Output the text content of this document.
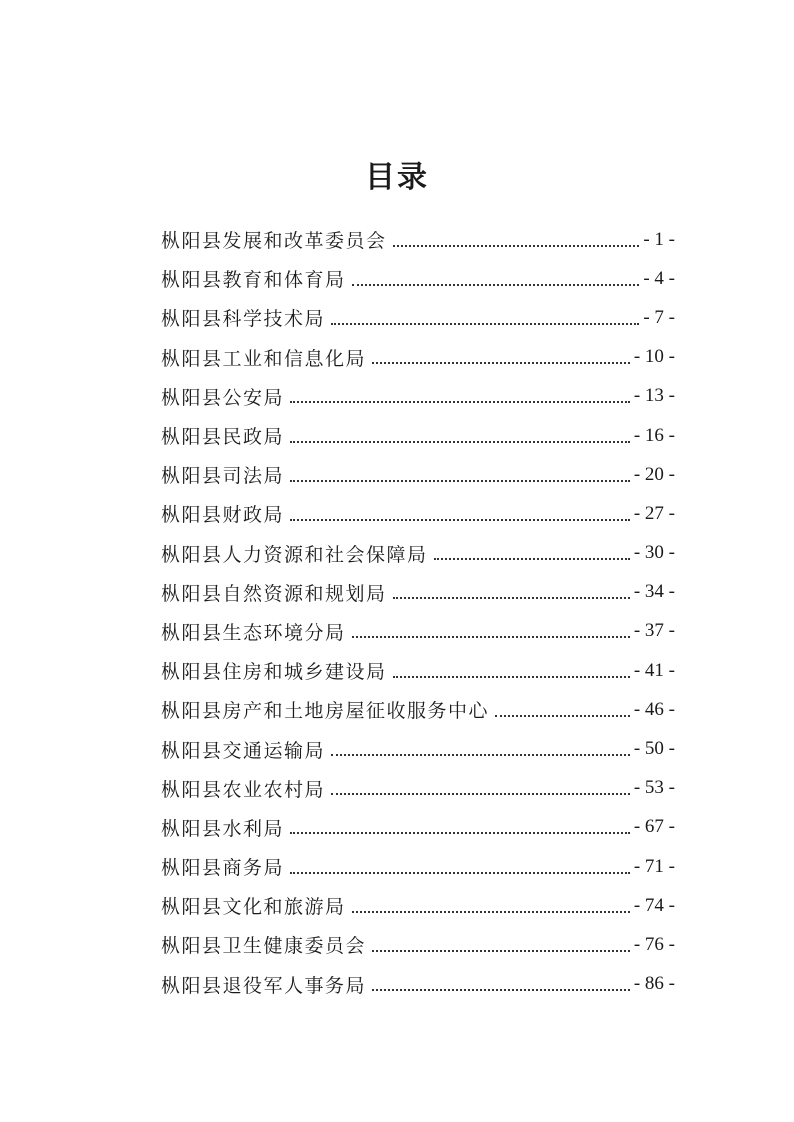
目录
枞阳县发展和改革委员会	- 1 -
枞阳县教育和体育局	- 4 -
枞阳县科学技术局	- 7 -
枞阳县工业和信息化局	- 10 -
枞阳县公安局	- 13 -
枞阳县民政局	- 16 -
枞阳县司法局	- 20 -
枞阳县财政局	- 27 -
枞阳县人力资源和社会保障局	- 30 -
枞阳县自然资源和规划局	- 34 -
枞阳县生态环境分局	- 37 -
枞阳县住房和城乡建设局	- 41 -
枞阳县房产和土地房屋征收服务中心	- 46 -
枞阳县交通运输局	- 50 -
枞阳县农业农村局	- 53 -
枞阳县水利局	- 67 -
枞阳县商务局	- 71 -
枞阳县文化和旅游局	- 74 -
枞阳县卫生健康委员会	- 76 -
枞阳县退役军人事务局	- 86 -
